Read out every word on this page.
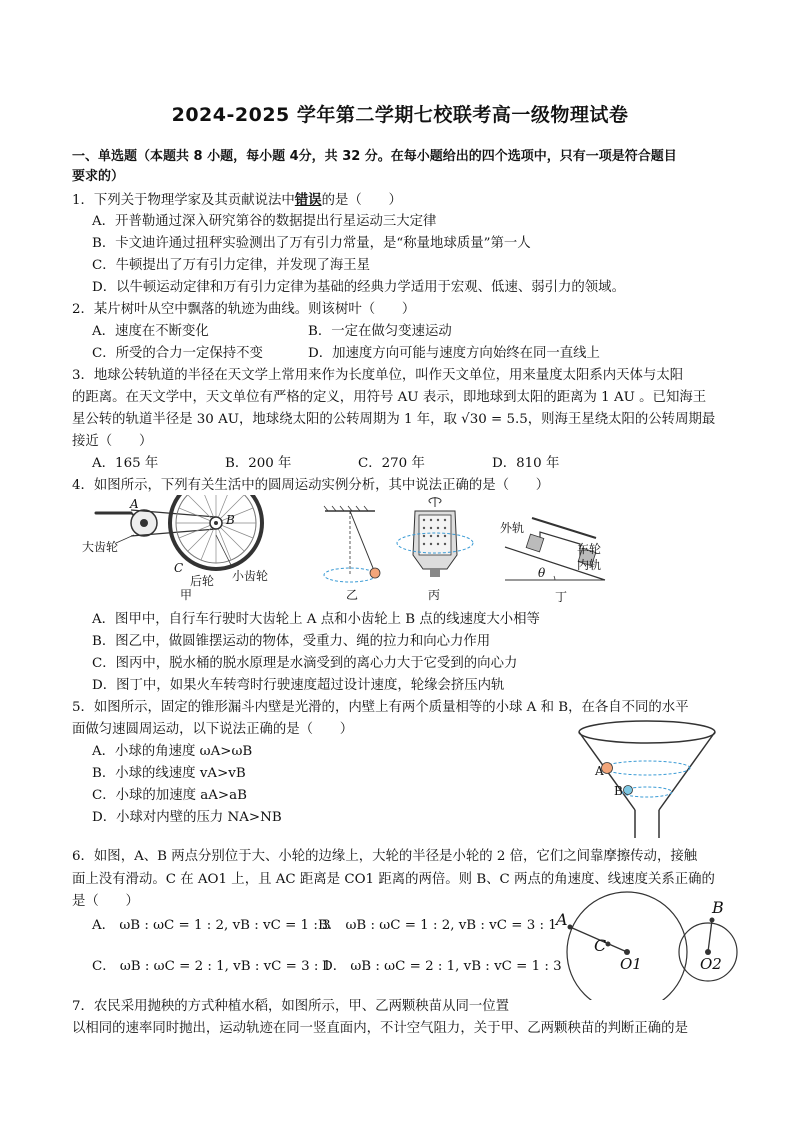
2024-2025 学年第二学期七校联考高一级物理试卷
一、单选题（本题共 8 小题，每小题 4分，共 32 分。在每小题给出的四个选项中，只有一项是符合题目
要求的）
1．下列关于物理学家及其贡献说法中错误的是（　　）
A．开普勒通过深入研究第谷的数据提出行星运动三大定律
B．卡文迪许通过扭秤实验测出了万有引力常量，是“称量地球质量”第一人
C．牛顿提出了万有引力定律，并发现了海王星
D．以牛顿运动定律和万有引力定律为基础的经典力学适用于宏观、低速、弱引力的领域。
2．某片树叶从空中飘落的轨迹为曲线。则该树叶（　　）
A．速度在不断变化	B．一定在做匀变速运动
C．所受的合力一定保持不变	D．加速度方向可能与速度方向始终在同一直线上
3．地球公转轨道的半径在天文学上常用来作为长度单位，叫作天文单位，用来量度太阳系内天体与太阳
的距离。在天文学中，天文单位有严格的定义，用符号 AU 表示，即地球到太阳的距离为 1 AU 。已知海王
星公转的轨道半径是 30 AU，地球绕太阳的公转周期为 1 年，取 √30 = 5.5，则海王星绕太阳的公转周期最
接近（　　）
A．165 年	B．200 年	C．270 年	D．810 年
4．如图所示，下列有关生活中的圆周运动实例分析，其中说法正确的是（　　）
A
B
C
大齿轮
后轮 小齿轮
甲	乙	丙
外轨
车轮
内轨
θ
丁
A．图甲中，自行车行驶时大齿轮上 A 点和小齿轮上 B 点的线速度大小相等
B．图乙中，做圆锥摆运动的物体，受重力、绳的拉力和向心力作用
C．图丙中，脱水桶的脱水原理是水滴受到的离心力大于它受到的向心力
D．图丁中，如果火车转弯时行驶速度超过设计速度，轮缘会挤压内轨
5．如图所示，固定的锥形漏斗内壁是光滑的，内壁上有两个质量相等的小球 A 和 B，在各自不同的水平
面做匀速圆周运动，以下说法正确的是（　　）
A．小球的角速度 ωA>ωB
B．小球的线速度 vA>vB
C．小球的加速度 aA>aB
D．小球对内壁的压力 NA>NB
A
B
6．如图，A、B 两点分别位于大、小轮的边缘上，大轮的半径是小轮的 2 倍，它们之间靠摩擦传动，接触
面上没有滑动。C 在 AO1 上，且 AC 距离是 CO1 距离的两倍。则 B、C 两点的角速度、线速度关系正确的
是（　　）
A． ωB : ωC = 1 : 2, vB : vC = 1 : 3
B． ωB : ωC = 1 : 2, vB : vC = 3 : 1
C． ωB : ωC = 2 : 1, vB : vC = 3 : 1
D． ωB : ωC = 2 : 1, vB : vC = 1 : 3
A
C
O1
B
O2
7．农民采用抛秧的方式种植水稻，如图所示，甲、乙两颗秧苗从同一位置
以相同的速率同时抛出，运动轨迹在同一竖直面内，不计空气阻力，关于甲、乙两颗秧苗的判断正确的是
